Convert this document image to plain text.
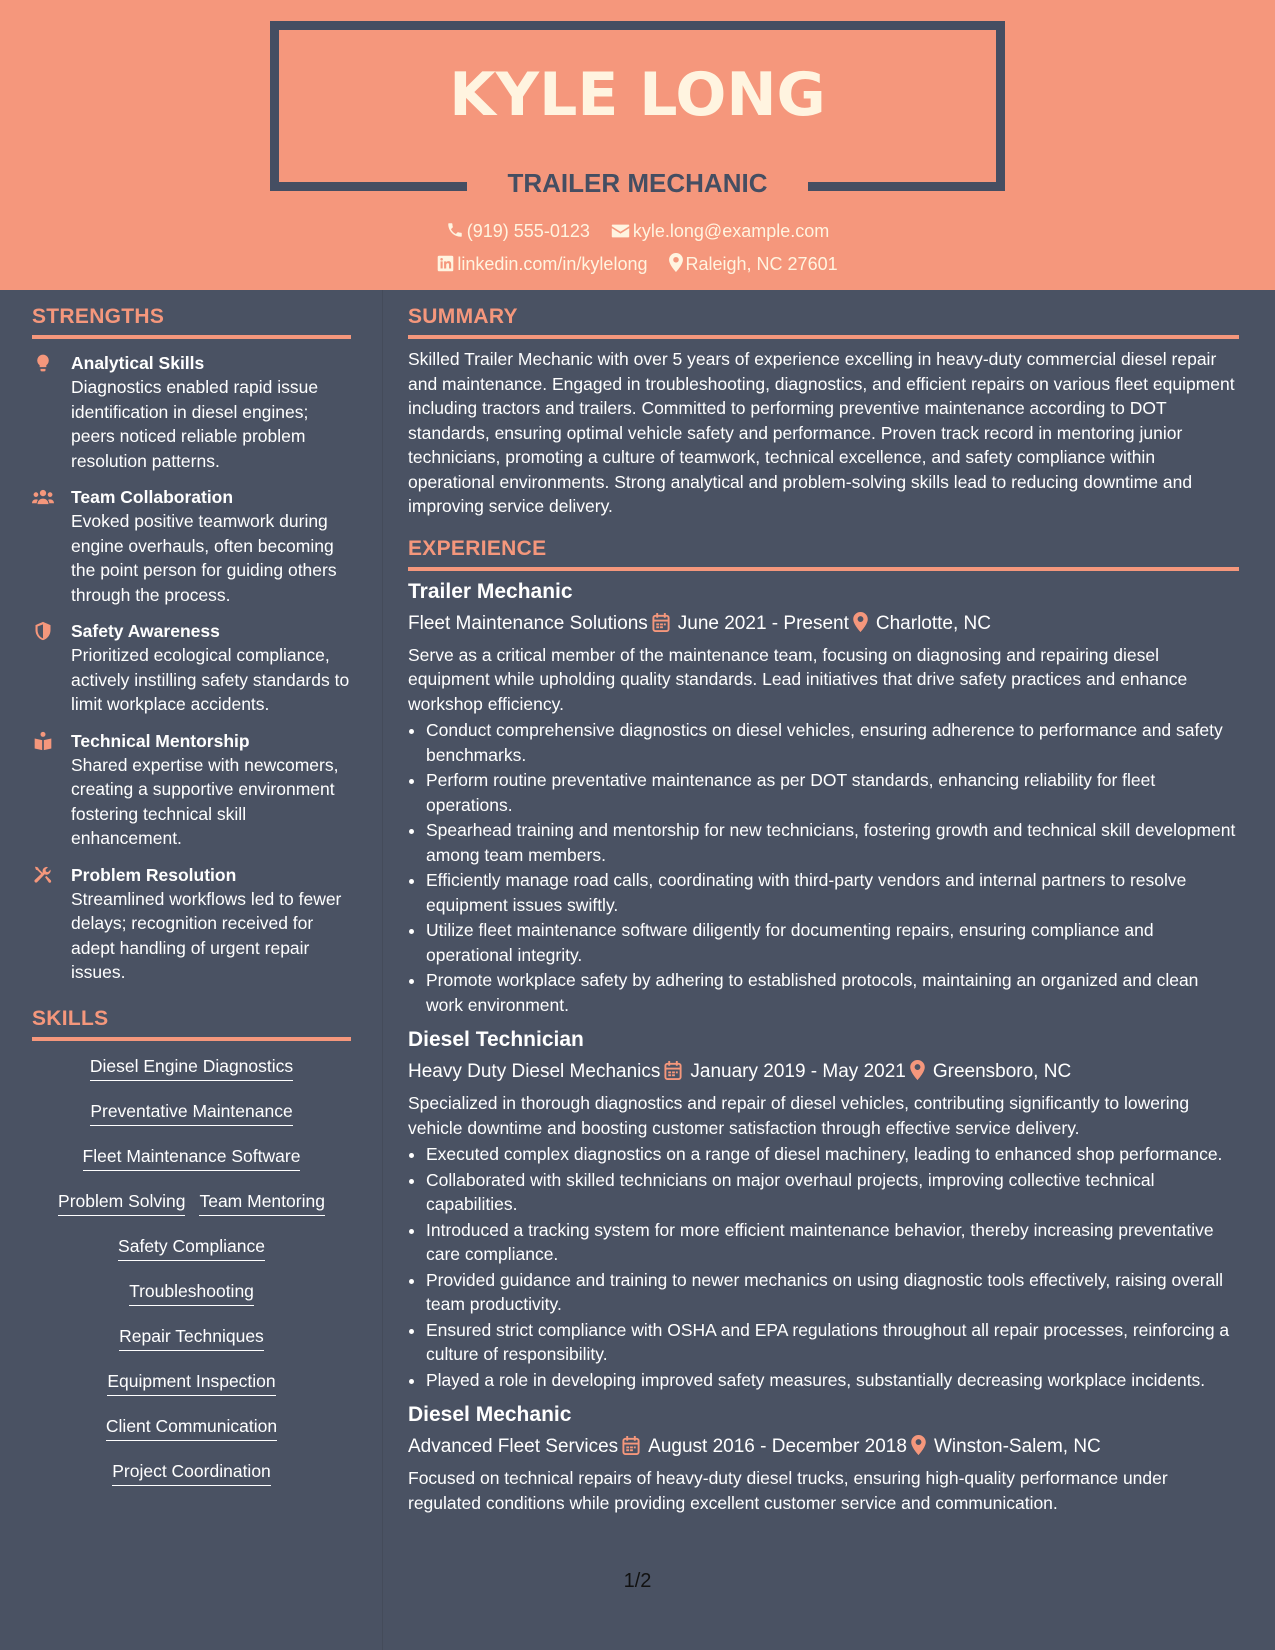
KYLE LONG
TRAILER MECHANIC
(919) 555-0123 kyle.long@example.com
linkedin.com/in/kylelong Raleigh, NC 27601
STRENGTHS
Analytical Skills
Diagnostics enabled rapid issue identification in diesel engines; peers noticed reliable problem resolution patterns.
Team Collaboration
Evoked positive teamwork during engine overhauls, often becoming the point person for guiding others through the process.
Safety Awareness
Prioritized ecological compliance, actively instilling safety standards to limit workplace accidents.
Technical Mentorship
Shared expertise with newcomers, creating a supportive environment fostering technical skill enhancement.
Problem Resolution
Streamlined workflows led to fewer delays; recognition received for adept handling of urgent repair issues.
SKILLS
Diesel Engine Diagnostics
Preventative Maintenance
Fleet Maintenance Software
Problem Solving Team Mentoring
Safety Compliance
Troubleshooting
Repair Techniques
Equipment Inspection
Client Communication
Project Coordination
SUMMARY
Skilled Trailer Mechanic with over 5 years of experience excelling in heavy-duty commercial diesel repair and maintenance. Engaged in troubleshooting, diagnostics, and efficient repairs on various fleet equipment including tractors and trailers. Committed to performing preventive maintenance according to DOT standards, ensuring optimal vehicle safety and performance. Proven track record in mentoring junior technicians, promoting a culture of teamwork, technical excellence, and safety compliance within operational environments. Strong analytical and problem-solving skills lead to reducing downtime and improving service delivery.
EXPERIENCE
Trailer Mechanic
Fleet Maintenance Solutions June 2021 - Present Charlotte, NC
Serve as a critical member of the maintenance team, focusing on diagnosing and repairing diesel equipment while upholding quality standards. Lead initiatives that drive safety practices and enhance workshop efficiency.
• Conduct comprehensive diagnostics on diesel vehicles, ensuring adherence to performance and safety benchmarks.
• Perform routine preventative maintenance as per DOT standards, enhancing reliability for fleet operations.
• Spearhead training and mentorship for new technicians, fostering growth and technical skill development among team members.
• Efficiently manage road calls, coordinating with third-party vendors and internal partners to resolve equipment issues swiftly.
• Utilize fleet maintenance software diligently for documenting repairs, ensuring compliance and operational integrity.
• Promote workplace safety by adhering to established protocols, maintaining an organized and clean work environment.
Diesel Technician
Heavy Duty Diesel Mechanics January 2019 - May 2021 Greensboro, NC
Specialized in thorough diagnostics and repair of diesel vehicles, contributing significantly to lowering vehicle downtime and boosting customer satisfaction through effective service delivery.
• Executed complex diagnostics on a range of diesel machinery, leading to enhanced shop performance.
• Collaborated with skilled technicians on major overhaul projects, improving collective technical capabilities.
• Introduced a tracking system for more efficient maintenance behavior, thereby increasing preventative care compliance.
• Provided guidance and training to newer mechanics on using diagnostic tools effectively, raising overall team productivity.
• Ensured strict compliance with OSHA and EPA regulations throughout all repair processes, reinforcing a culture of responsibility.
• Played a role in developing improved safety measures, substantially decreasing workplace incidents.
Diesel Mechanic
Advanced Fleet Services August 2016 - December 2018 Winston-Salem, NC
Focused on technical repairs of heavy-duty diesel trucks, ensuring high-quality performance under regulated conditions while providing excellent customer service and communication.
1/2
